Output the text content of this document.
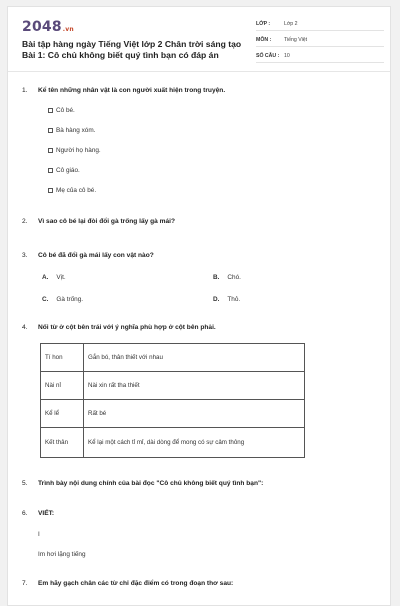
2048.vn
Bài tập hàng ngày Tiếng Việt lớp 2 Chân trời sáng tạo Bài 1: Cô chủ không biết quý tình bạn có đáp án
LỚP :	Lớp 2
MÔN :	Tiếng Việt
SỐ CÂU : 10
1. Kể tên những nhân vật là con người xuất hiện trong truyện.
Cô bé.
Bà hàng xóm.
Người họ hàng.
Cô giáo.
Mẹ của cô bé.
2. Vì sao cô bé lại đòi đổi gà trống lấy gà mái?
3. Cô bé đã đổi gà mái lấy con vật nào?
A. Vịt.	B. Chó.
C. Gà trống.	D. Thỏ.
4. Nối từ ở cột bên trái với ý nghĩa phù hợp ở cột bên phải.
Tí hon	Gắn bó, thân thiết với nhau
Nài nỉ	Nài xin rất tha thiết
Kể lể	Rất bé
Kết thân	Kể lại một cách tỉ mỉ, dài dòng để mong có sự cảm thông
5. Trình bày nội dung chính của bài đọc "Cô chủ không biết quý tình bạn":
6. VIẾT:
I
Im hơi lặng tiếng
7. Em hãy gạch chân các từ chỉ đặc điểm có trong đoạn thơ sau:
